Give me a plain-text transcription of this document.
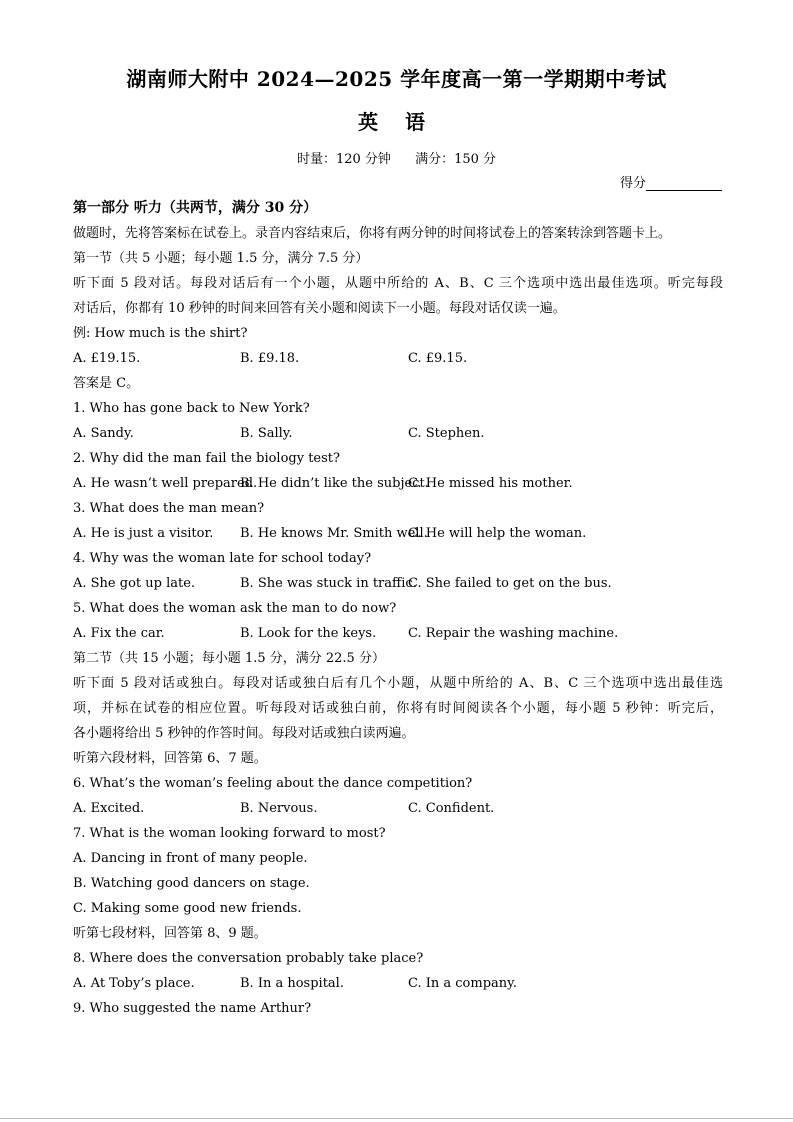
湖南师大附中 2024—2025 学年度高一第一学期期中考试
英 语
时量：120 分钟 满分：150 分
得分
第一部分 听力（共两节，满分 30 分）
做题时，先将答案标在试卷上。录音内容结束后，你将有两分钟的时间将试卷上的答案转涂到答题卡上。
第一节（共 5 小题；每小题 1.5 分，满分 7.5 分）
听下面 5 段对话。每段对话后有一个小题，从题中所给的 A、B、C 三个选项中选出最佳选项。听完每段
对话后，你都有 10 秒钟的时间来回答有关小题和阅读下一小题。每段对话仅读一遍。
例: How much is the shirt?
A. £19.15.	B. £9.18.	C. £9.15.
答案是 C。
1. Who has gone back to New York?
A. Sandy.	B. Sally.	C. Stephen.
2. Why did the man fail the biology test?
A. He wasn’t well prepared.
B. He didn’t like the subject.
C. He missed his mother.
3. What does the man mean?
A. He is just a visitor.	B. He knows Mr. Smith well.
C. He will help the woman.
4. Why was the woman late for school today?
A. She got up late.	B. She was stuck in traffic.
C. She failed to get on the bus.
5. What does the woman ask the man to do now?
A. Fix the car.	B. Look for the keys.	C. Repair the washing machine.
第二节（共 15 小题；每小题 1.5 分，满分 22.5 分）
听下面 5 段对话或独白。每段对话或独白后有几个小题，从题中所给的 A、B、C 三个选项中选出最佳选
项，并标在试卷的相应位置。听每段对话或独白前，你将有时间阅读各个小题，每小题 5 秒钟：听完后，
各小题将给出 5 秒钟的作答时间。每段对话或独白读两遍。
听第六段材料，回答第 6、7 题。
6. What’s the woman’s feeling about the dance competition?
A. Excited.	B. Nervous.	C. Confident.
7. What is the woman looking forward to most?
A. Dancing in front of many people.
B. Watching good dancers on stage.
C. Making some good new friends.
听第七段材料，回答第 8、9 题。
8. Where does the conversation probably take place?
A. At Toby’s place.	B. In a hospital.	C. In a company.
9. Who suggested the name Arthur?
